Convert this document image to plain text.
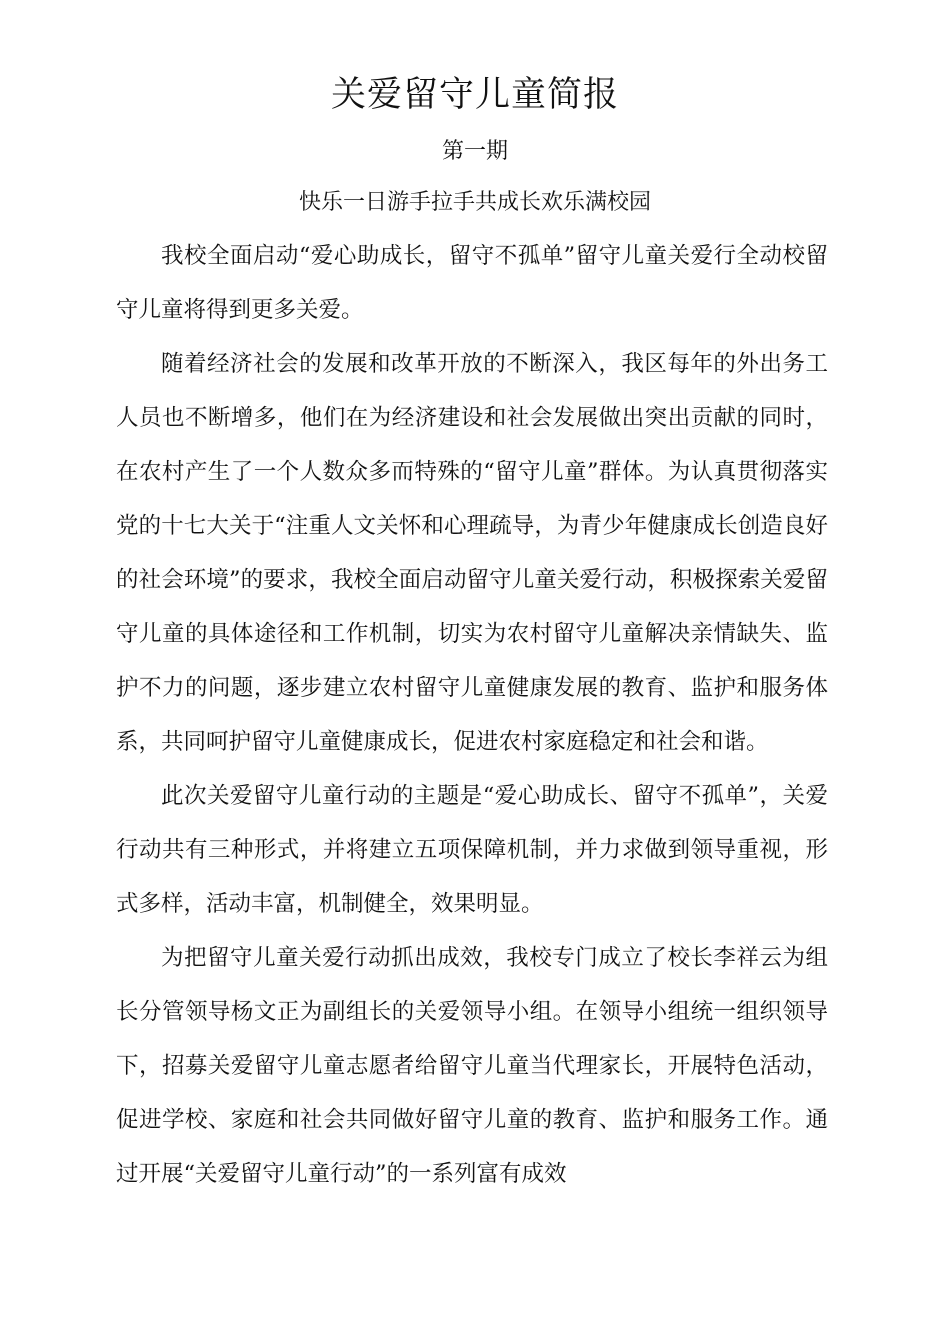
关爱留守儿童简报
第一期
快乐一日游手拉手共成长欢乐满校园

我校全面启动“爱心助成长，留守不孤单”留守儿童关爱行全动校留守儿童将得到更多关爱。

随着经济社会的发展和改革开放的不断深入，我区每年的外出务工人员也不断增多，他们在为经济建设和社会发展做出突出贡献的同时，在农村产生了一个人数众多而特殊的“留守儿童”群体。为认真贯彻落实党的十七大关于“注重人文关怀和心理疏导，为青少年健康成长创造良好的社会环境”的要求，我校全面启动留守儿童关爱行动，积极探索关爱留守儿童的具体途径和工作机制，切实为农村留守儿童解决亲情缺失、监护不力的问题，逐步建立农村留守儿童健康发展的教育、监护和服务体系，共同呵护留守儿童健康成长，促进农村家庭稳定和社会和谐。

此次关爱留守儿童行动的主题是“爱心助成长、留守不孤单”，关爱行动共有三种形式，并将建立五项保障机制，并力求做到领导重视，形式多样，活动丰富，机制健全，效果明显。

为把留守儿童关爱行动抓出成效，我校专门成立了校长李祥云为组长分管领导杨文正为副组长的关爱领导小组。在领导小组统一组织领导下，招募关爱留守儿童志愿者给留守儿童当代理家长，开展特色活动，促进学校、家庭和社会共同做好留守儿童的教育、监护和服务工作。通过开展“关爱留守儿童行动”的一系列富有成效
